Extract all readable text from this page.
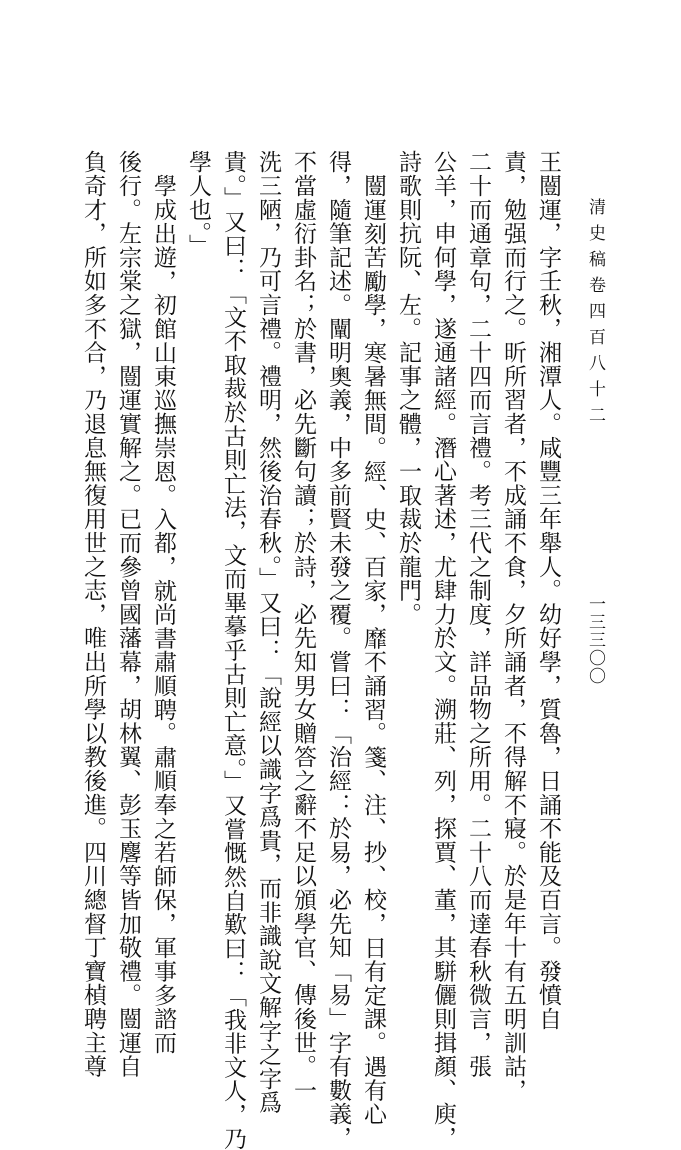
清史稿卷四百八十二
一三三〇〇
王闓運，字壬秋，湘潭人。咸豐三年舉人。幼好學，質魯，日誦不能及百言。發憤自
責，勉强而行之。昕所習者，不成誦不食，夕所誦者，不得解不寢。於是年十有五明訓詁，
二十而通章句，二十四而言禮。考三代之制度，詳品物之所用。二十八而達春秋微言，張
公羊，申何學，遂通諸經。潛心著述，尤肆力於文。溯莊、列，探賈、董，其駢儷則揖顏、庾，
詩歌則抗阮、左。記事之體，一取裁於龍門。
闓運刻苦勵學，寒暑無間。經、史、百家，靡不誦習。箋、注、抄、校，日有定課。遇有心
得，隨筆記述。闡明奧義，中多前賢未發之覆。嘗曰：「治經：於易，必先知「易」字有數義，
不當虛衍卦名；於書，必先斷句讀；於詩，必先知男女贈答之辭不足以頒學官、傳後世。一
洗三陋，乃可言禮。禮明，然後治春秋。」又曰：「說經以識字爲貴，而非識說文解字之字爲
貴。」又曰：「文不取裁於古則亡法，文而畢摹乎古則亡意。」又嘗慨然自歎曰：「我非文人，乃
學人也。」
學成出遊，初館山東巡撫崇恩。入都，就尚書肅順聘。肅順奉之若師保，軍事多諮而
後行。左宗棠之獄，闓運實解之。已而參曾國藩幕，胡林翼、彭玉麐等皆加敬禮。闓運自
負奇才，所如多不合，乃退息無復用世之志，唯出所學以教後進。四川總督丁寶楨聘主尊
